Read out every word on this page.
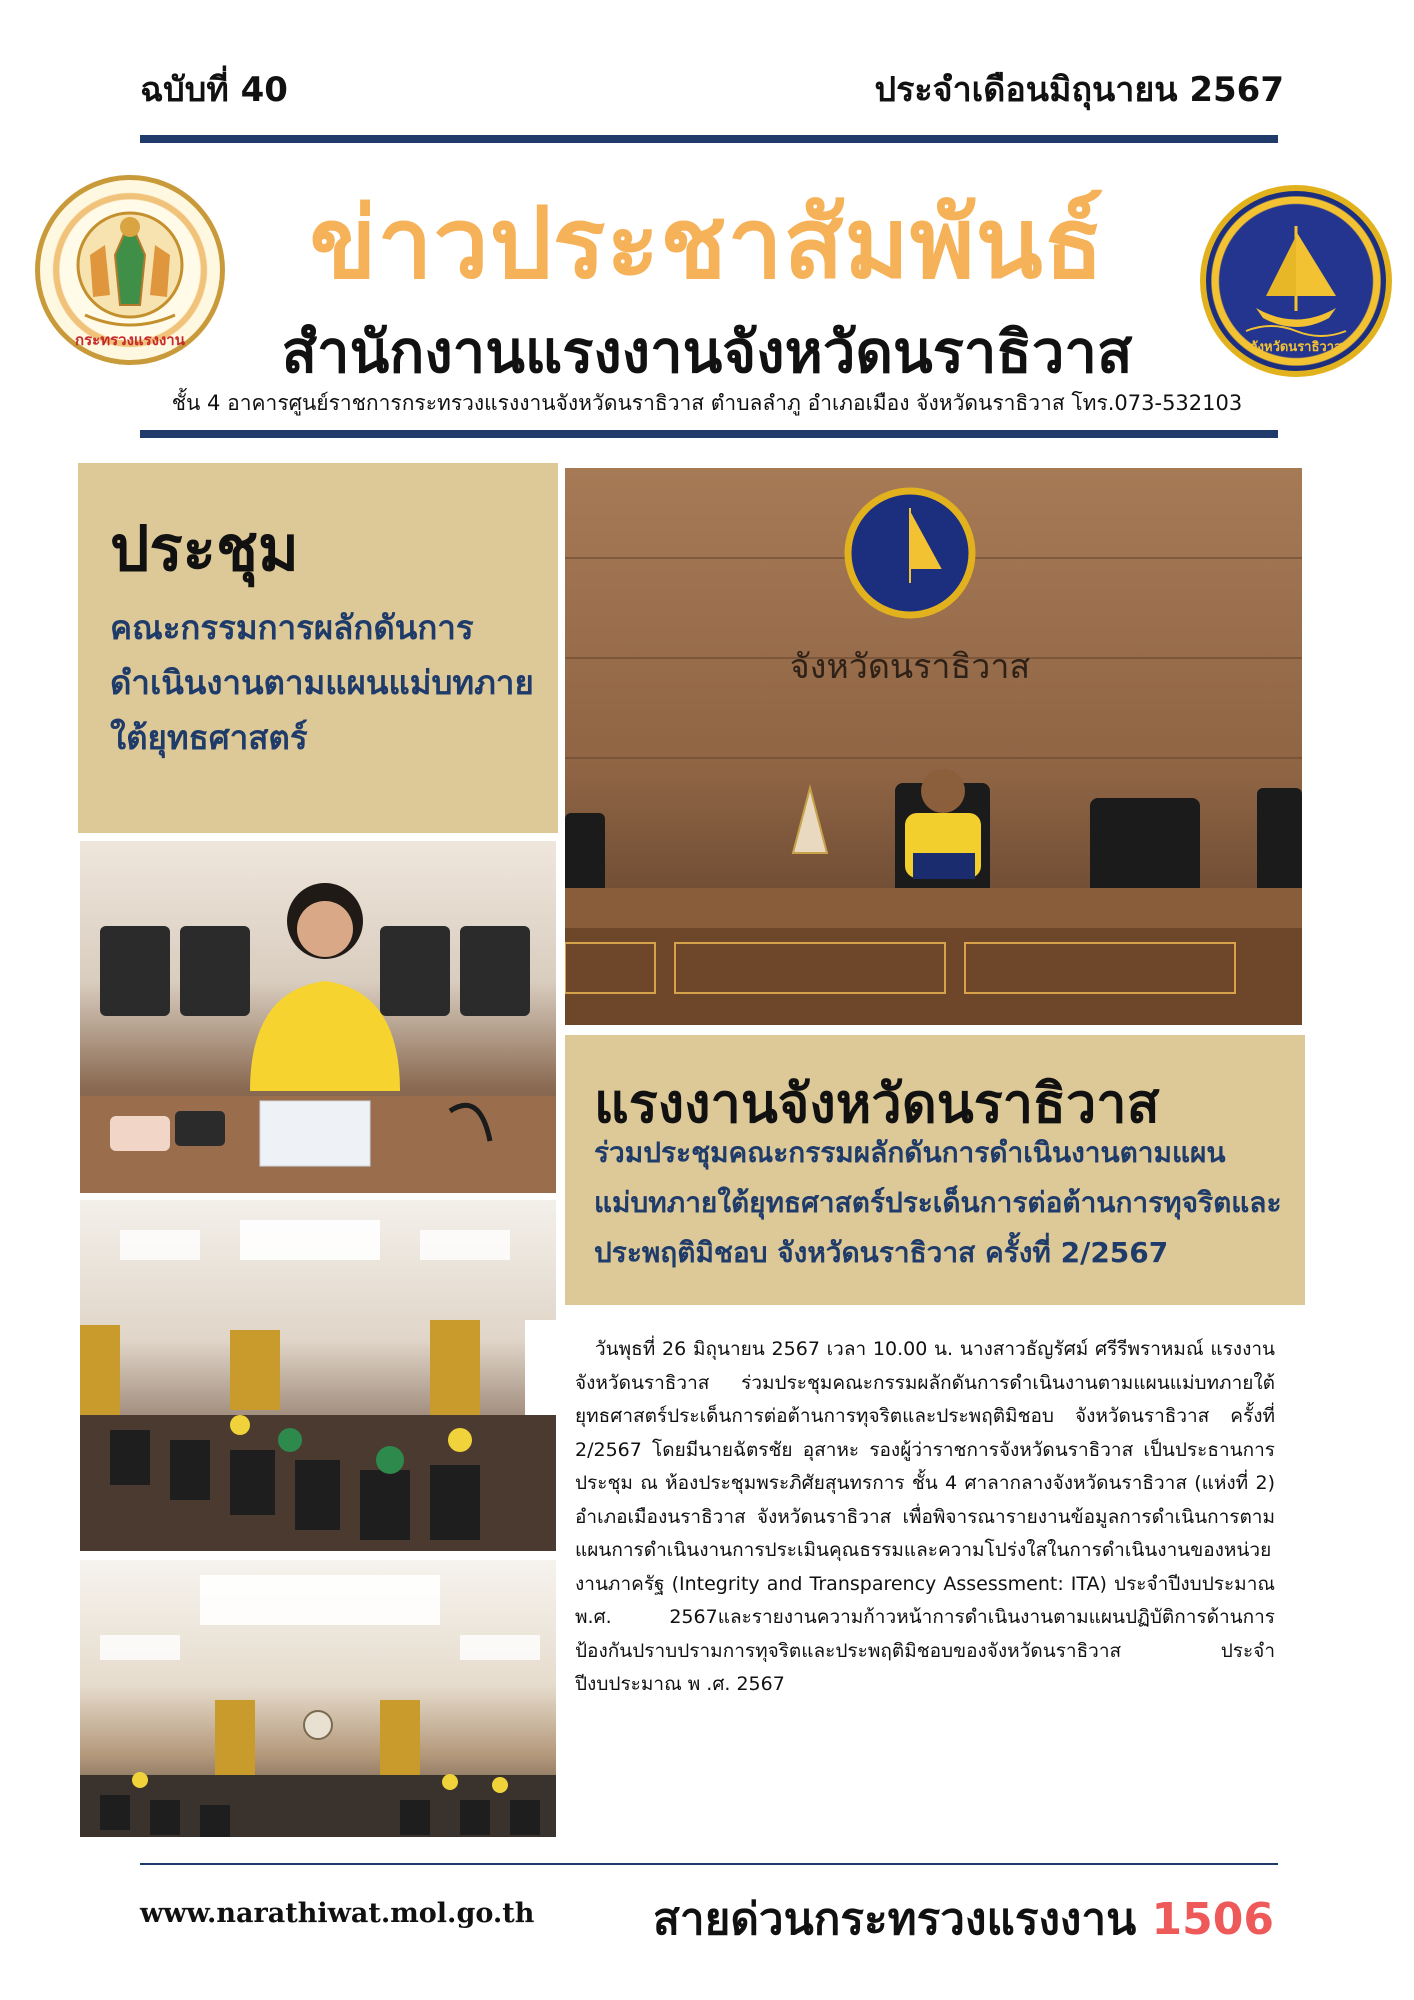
ฉบับที่ 40	ประจำเดือนมิถุนายน 2567
กระทรวงแรงงาน
ข่าวประชาสัมพันธ์
สำนักงานแรงงานจังหวัดนราธิวาส
ชั้น 4 อาคารศูนย์ราชการกระทรวงแรงงานจังหวัดนราธิวาส ตำบลลำภู อำเภอเมือง จังหวัดนราธิวาส โทร.073-532103
จังหวัดนราธิวาส
ประชุม
คณะกรรมการผลักดันการดำเนินงานตามแผนแม่บทภายใต้ยุทธศาสตร์
จังหวัดนราธิวาส
แรงงานจังหวัดนราธิวาส
ร่วมประชุมคณะกรรมผลักดันการดำเนินงานตามแผนแม่บทภายใต้ยุทธศาสตร์ประเด็นการต่อต้านการทุจริตและประพฤติมิชอบ จังหวัดนราธิวาส ครั้งที่ 2/2567
วันพุธที่ 26 มิถุนายน 2567 เวลา 10.00 น. นางสาวธัญรัศม์ ศรีรีพราหมณ์ แรงงานจังหวัดนราธิวาส ร่วมประชุมคณะกรรมผลักดันการดำเนินงานตามแผนแม่บทภายใต้ยุทธศาสตร์ประเด็นการต่อต้านการทุจริตและประพฤติมิชอบ จังหวัดนราธิวาส ครั้งที่ 2/2567 โดยมีนายฉัตรชัย อุสาหะ รองผู้ว่าราชการจังหวัดนราธิวาส เป็นประธานการประชุม ณ ห้องประชุมพระภิศัยสุนทรการ ชั้น 4 ศาลากลางจังหวัดนราธิวาส (แห่งที่ 2) อำเภอเมืองนราธิวาส จังหวัดนราธิวาส เพื่อพิจารณารายงานข้อมูลการดำเนินการตามแผนการดำเนินงานการประเมินคุณธรรมและความโปร่งใสในการดำเนินงานของหน่วยงานภาครัฐ (Integrity and Transparency Assessment: ITA) ประจำปีงบประมาณ พ.ศ. 2567และรายงานความก้าวหน้าการดำเนินงานตามแผนปฏิบัติการด้านการป้องกันปราบปรามการทุจริตและประพฤติมิชอบของจังหวัดนราธิวาส ประจำปีงบประมาณ พ .ศ. 2567
www.narathiwat.mol.go.th	สายด่วนกระทรวงแรงงาน 1506
